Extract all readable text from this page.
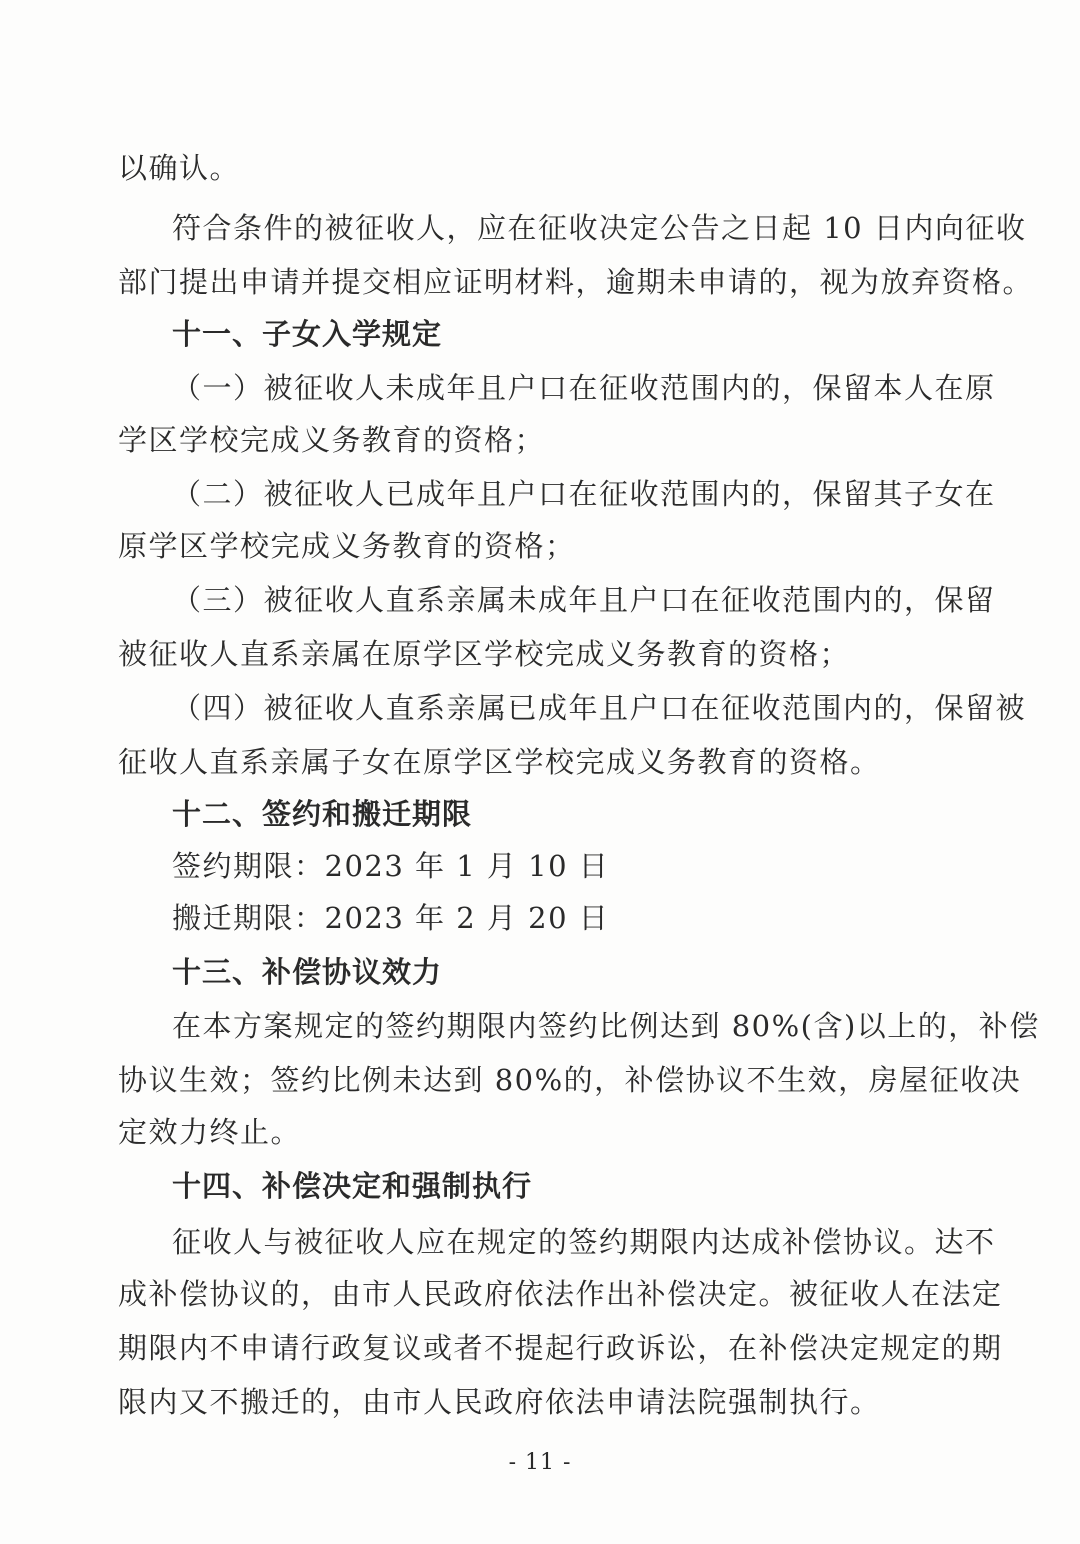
以确认。
符合条件的被征收人，应在征收决定公告之日起 10 日内向征收
部门提出申请并提交相应证明材料，逾期未申请的，视为放弃资格。
十一、子女入学规定
（一）被征收人未成年且户口在征收范围内的，保留本人在原
学区学校完成义务教育的资格；
（二）被征收人已成年且户口在征收范围内的，保留其子女在
原学区学校完成义务教育的资格；
（三）被征收人直系亲属未成年且户口在征收范围内的，保留
被征收人直系亲属在原学区学校完成义务教育的资格；
（四）被征收人直系亲属已成年且户口在征收范围内的，保留被
征收人直系亲属子女在原学区学校完成义务教育的资格。
十二、签约和搬迁期限
签约期限：2023 年 1 月 10 日
搬迁期限：2023 年 2 月 20 日
十三、补偿协议效力
在本方案规定的签约期限内签约比例达到 80%(含)以上的，补偿
协议生效；签约比例未达到 80%的，补偿协议不生效，房屋征收决
定效力终止。
十四、补偿决定和强制执行
征收人与被征收人应在规定的签约期限内达成补偿协议。达不
成补偿协议的，由市人民政府依法作出补偿决定。被征收人在法定
期限内不申请行政复议或者不提起行政诉讼，在补偿决定规定的期
限内又不搬迁的，由市人民政府依法申请法院强制执行。
- 11 -
